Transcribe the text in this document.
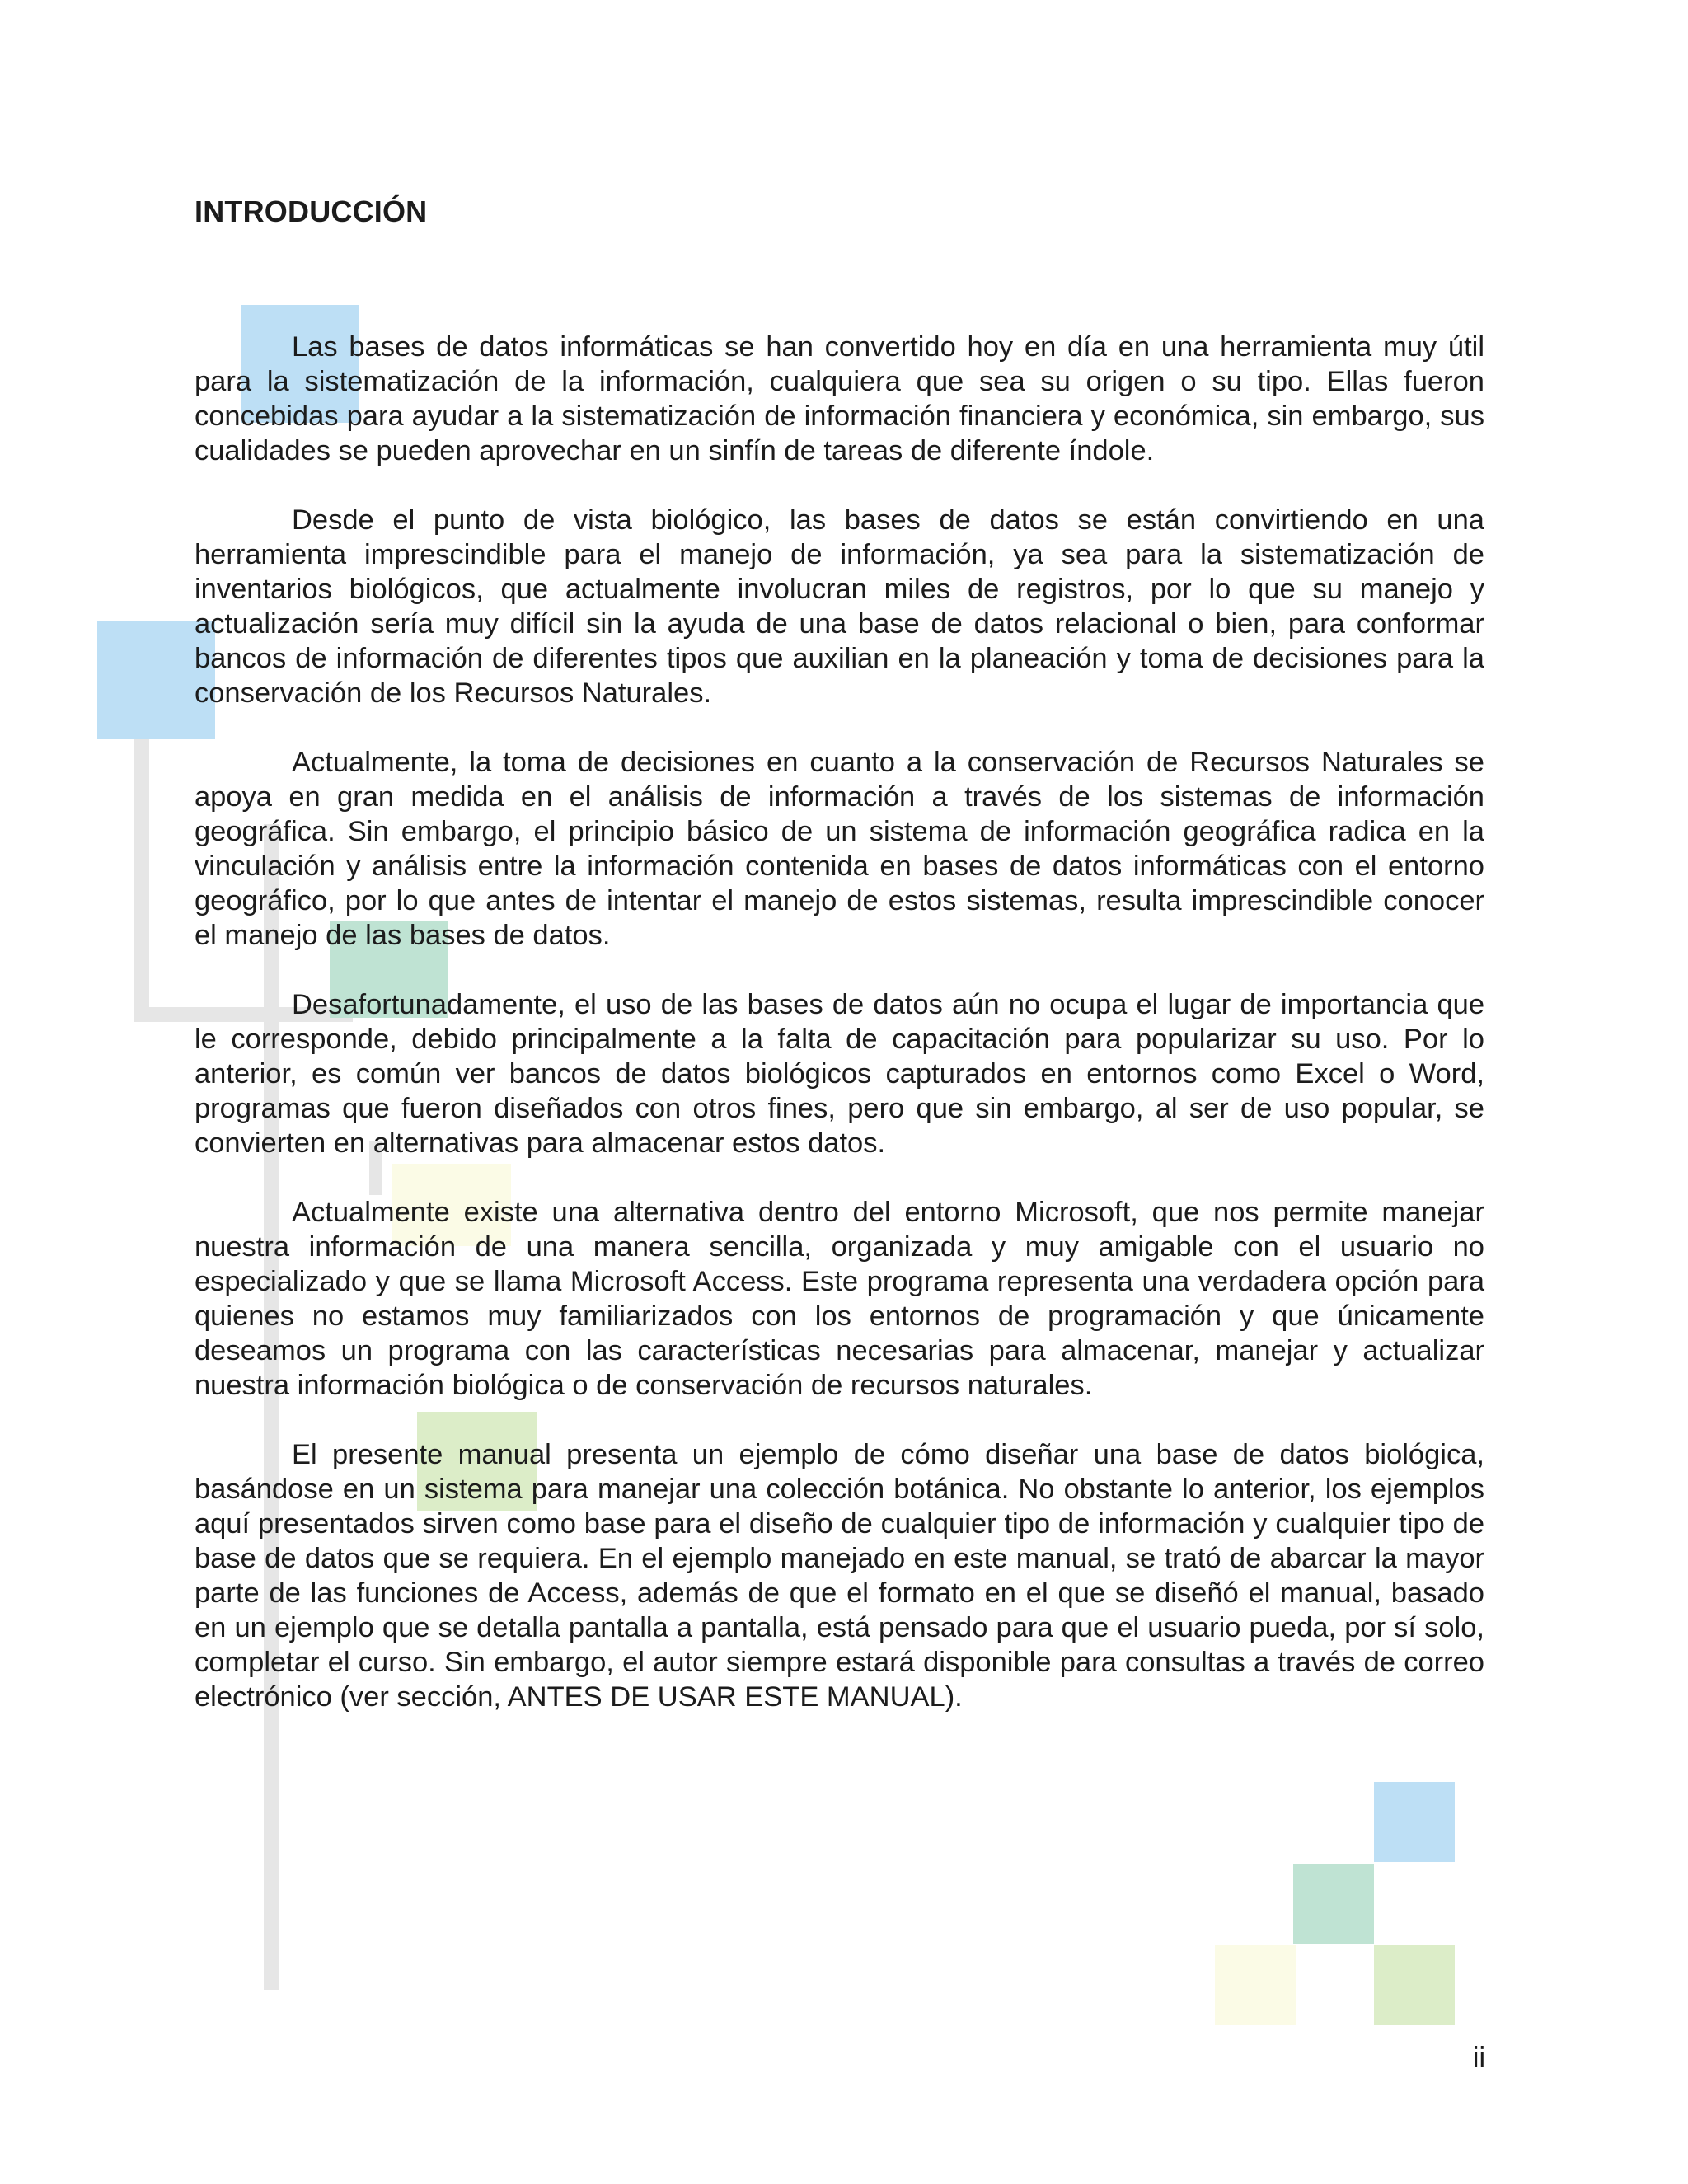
INTRODUCCIÓN

Las bases de datos informáticas se han convertido hoy en día en una herramienta muy útil para la sistematización de la información, cualquiera que sea su origen o su tipo. Ellas fueron concebidas para ayudar a la sistematización de información financiera y económica, sin embargo, sus cualidades se pueden aprovechar en un sinfín de tareas de diferente índole.

Desde el punto de vista biológico, las bases de datos se están convirtiendo en una herramienta imprescindible para el manejo de información, ya sea para la sistematización de inventarios biológicos, que actualmente involucran miles de registros, por lo que su manejo y actualización sería muy difícil sin la ayuda de una base de datos relacional o bien, para conformar bancos de información de diferentes tipos que auxilian en la planeación y toma de decisiones para la conservación de los Recursos Naturales.

Actualmente, la toma de decisiones en cuanto a la conservación de Recursos Naturales se apoya en gran medida en el análisis de información a través de los sistemas de información geográfica. Sin embargo, el principio básico de un sistema de información geográfica radica en la vinculación y análisis entre la información contenida en bases de datos informáticas con el entorno geográfico, por lo que antes de intentar el manejo de estos sistemas, resulta imprescindible conocer el manejo de las bases de datos.

Desafortunadamente, el uso de las bases de datos aún no ocupa el lugar de importancia que le corresponde, debido principalmente a la falta de capacitación para popularizar su uso. Por lo anterior, es común ver bancos de datos biológicos capturados en entornos como Excel o Word, programas que fueron diseñados con otros fines, pero que sin embargo, al ser de uso popular, se convierten en alternativas para almacenar estos datos.

Actualmente existe una alternativa dentro del entorno Microsoft, que nos permite manejar nuestra información de una manera sencilla, organizada y muy amigable con el usuario no especializado y que se llama Microsoft Access. Este programa representa una verdadera opción para quienes no estamos muy familiarizados con los entornos de programación y que únicamente deseamos un programa con las características necesarias para almacenar, manejar y actualizar nuestra información biológica o de conservación de recursos naturales.

El presente manual presenta un ejemplo de cómo diseñar una base de datos biológica, basándose en un sistema para manejar una colección botánica. No obstante lo anterior, los ejemplos aquí presentados sirven como base para el diseño de cualquier tipo de información y cualquier tipo de base de datos que se requiera. En el ejemplo manejado en este manual, se trató de abarcar la mayor parte de las funciones de Access, además de que el formato en el que se diseñó el manual, basado en un ejemplo que se detalla pantalla a pantalla, está pensado para que el usuario pueda, por sí solo, completar el curso. Sin embargo, el autor siempre estará disponible para consultas a través de correo electrónico (ver sección, ANTES DE USAR ESTE MANUAL).

ii
